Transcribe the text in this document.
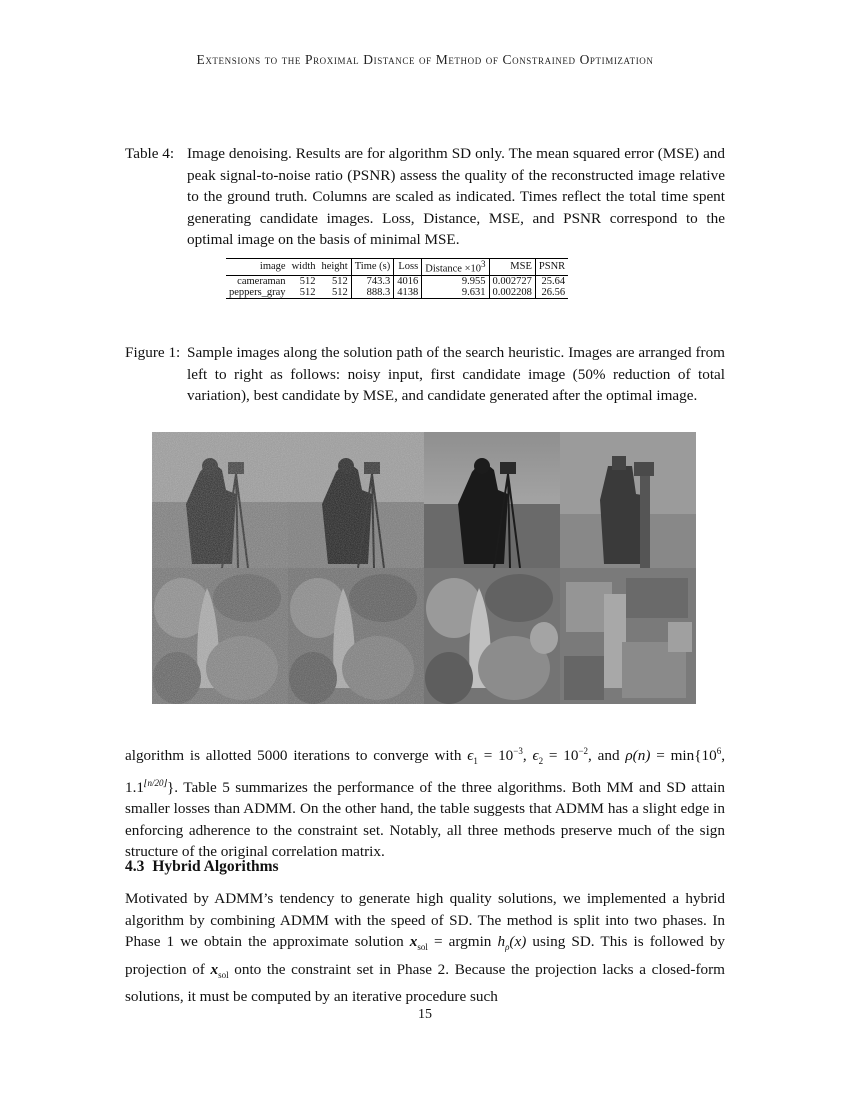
Extensions to the Proximal Distance of Method of Constrained Optimization
Table 4: Image denoising. Results are for algorithm SD only. The mean squared error (MSE) and peak signal-to-noise ratio (PSNR) assess the quality of the reconstructed image relative to the ground truth. Columns are scaled as indicated. Times reflect the total time spent generating candidate images. Loss, Distance, MSE, and PSNR correspond to the optimal image on the basis of minimal MSE.
image	width	height	Time (s)	Loss	Distance $\times 10^3$	MSE	PSNR
cameraman	512	512	743.3	4016	9.955	0.002727	25.64
peppers_gray	512	512	888.3	4138	9.631	0.002208	26.56
Figure 1: Sample images along the solution path of the search heuristic. Images are arranged from left to right as follows: noisy input, first candidate image (50% reduction of total variation), best candidate by MSE, and candidate generated after the optimal image.
algorithm is allotted 5000 iterations to converge with $\epsilon_1 = 10^{-3}$, $\epsilon_2 = 10^{-2}$, and $\rho(n) = \min\{10^6$, $1.1^{⌊n/20⌋}$}. Table 5 summarizes the performance of the three algorithms. Both MM and SD attain smaller losses than ADMM. On the other hand, the table suggests that ADMM has a slight edge in enforcing adherence to the constraint set. Notably, all three methods preserve much of the sign structure of the original correlation matrix.
4.3 Hybrid Algorithms
Motivated by ADMM’s tendency to generate high quality solutions, we implemented a hybrid algorithm by combining ADMM with the speed of SD. The method is split into two phases. In Phase 1 we obtain the approximate solution $x_{sol} = argmin$ $h_\rho(x)$ using SD. This is followed by projection of $x_{sol}$ onto the constraint set in Phase 2. Because the projection lacks a closed-form solutions, it must be computed by an iterative procedure such
15
